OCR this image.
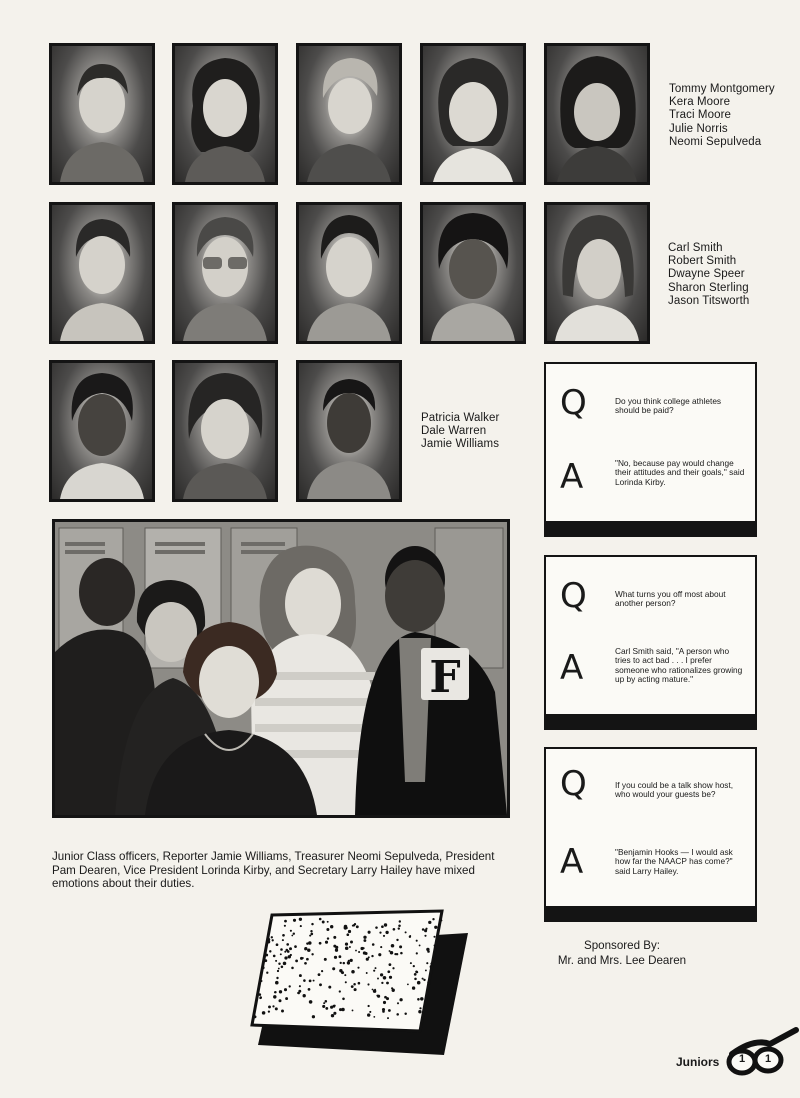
Tommy Montgomery
Kera Moore
Traci Moore
Julie Norris
Neomi Sepulveda
Carl Smith
Robert Smith
Dwayne Speer
Sharon Sterling
Jason Titsworth
Patricia Walker
Dale Warren
Jamie Williams
F
Junior Class officers, Reporter Jamie Williams, Treasurer Neomi Sepulveda, President Pam Dearen, Vice President Lorinda Kirby, and Secretary Larry Hailey have mixed emotions about their duties.
Q	Do you think college athletes should be paid?
A	"No, because pay would change their attitudes and their goals," said Lorinda Kirby.
Q	What turns you off most about another person?
A	Carl Smith said, "A person who tries to act bad . . . I prefer someone who rationalizes growing up by acting mature."
Q	If you could be a talk show host, who would your guests be?
A	"Benjamin Hooks — I would ask how far the NAACP has come?" said Larry Hailey.
Sponsored By:
Mr. and Mrs. Lee Dearen
Juniors	1	1
